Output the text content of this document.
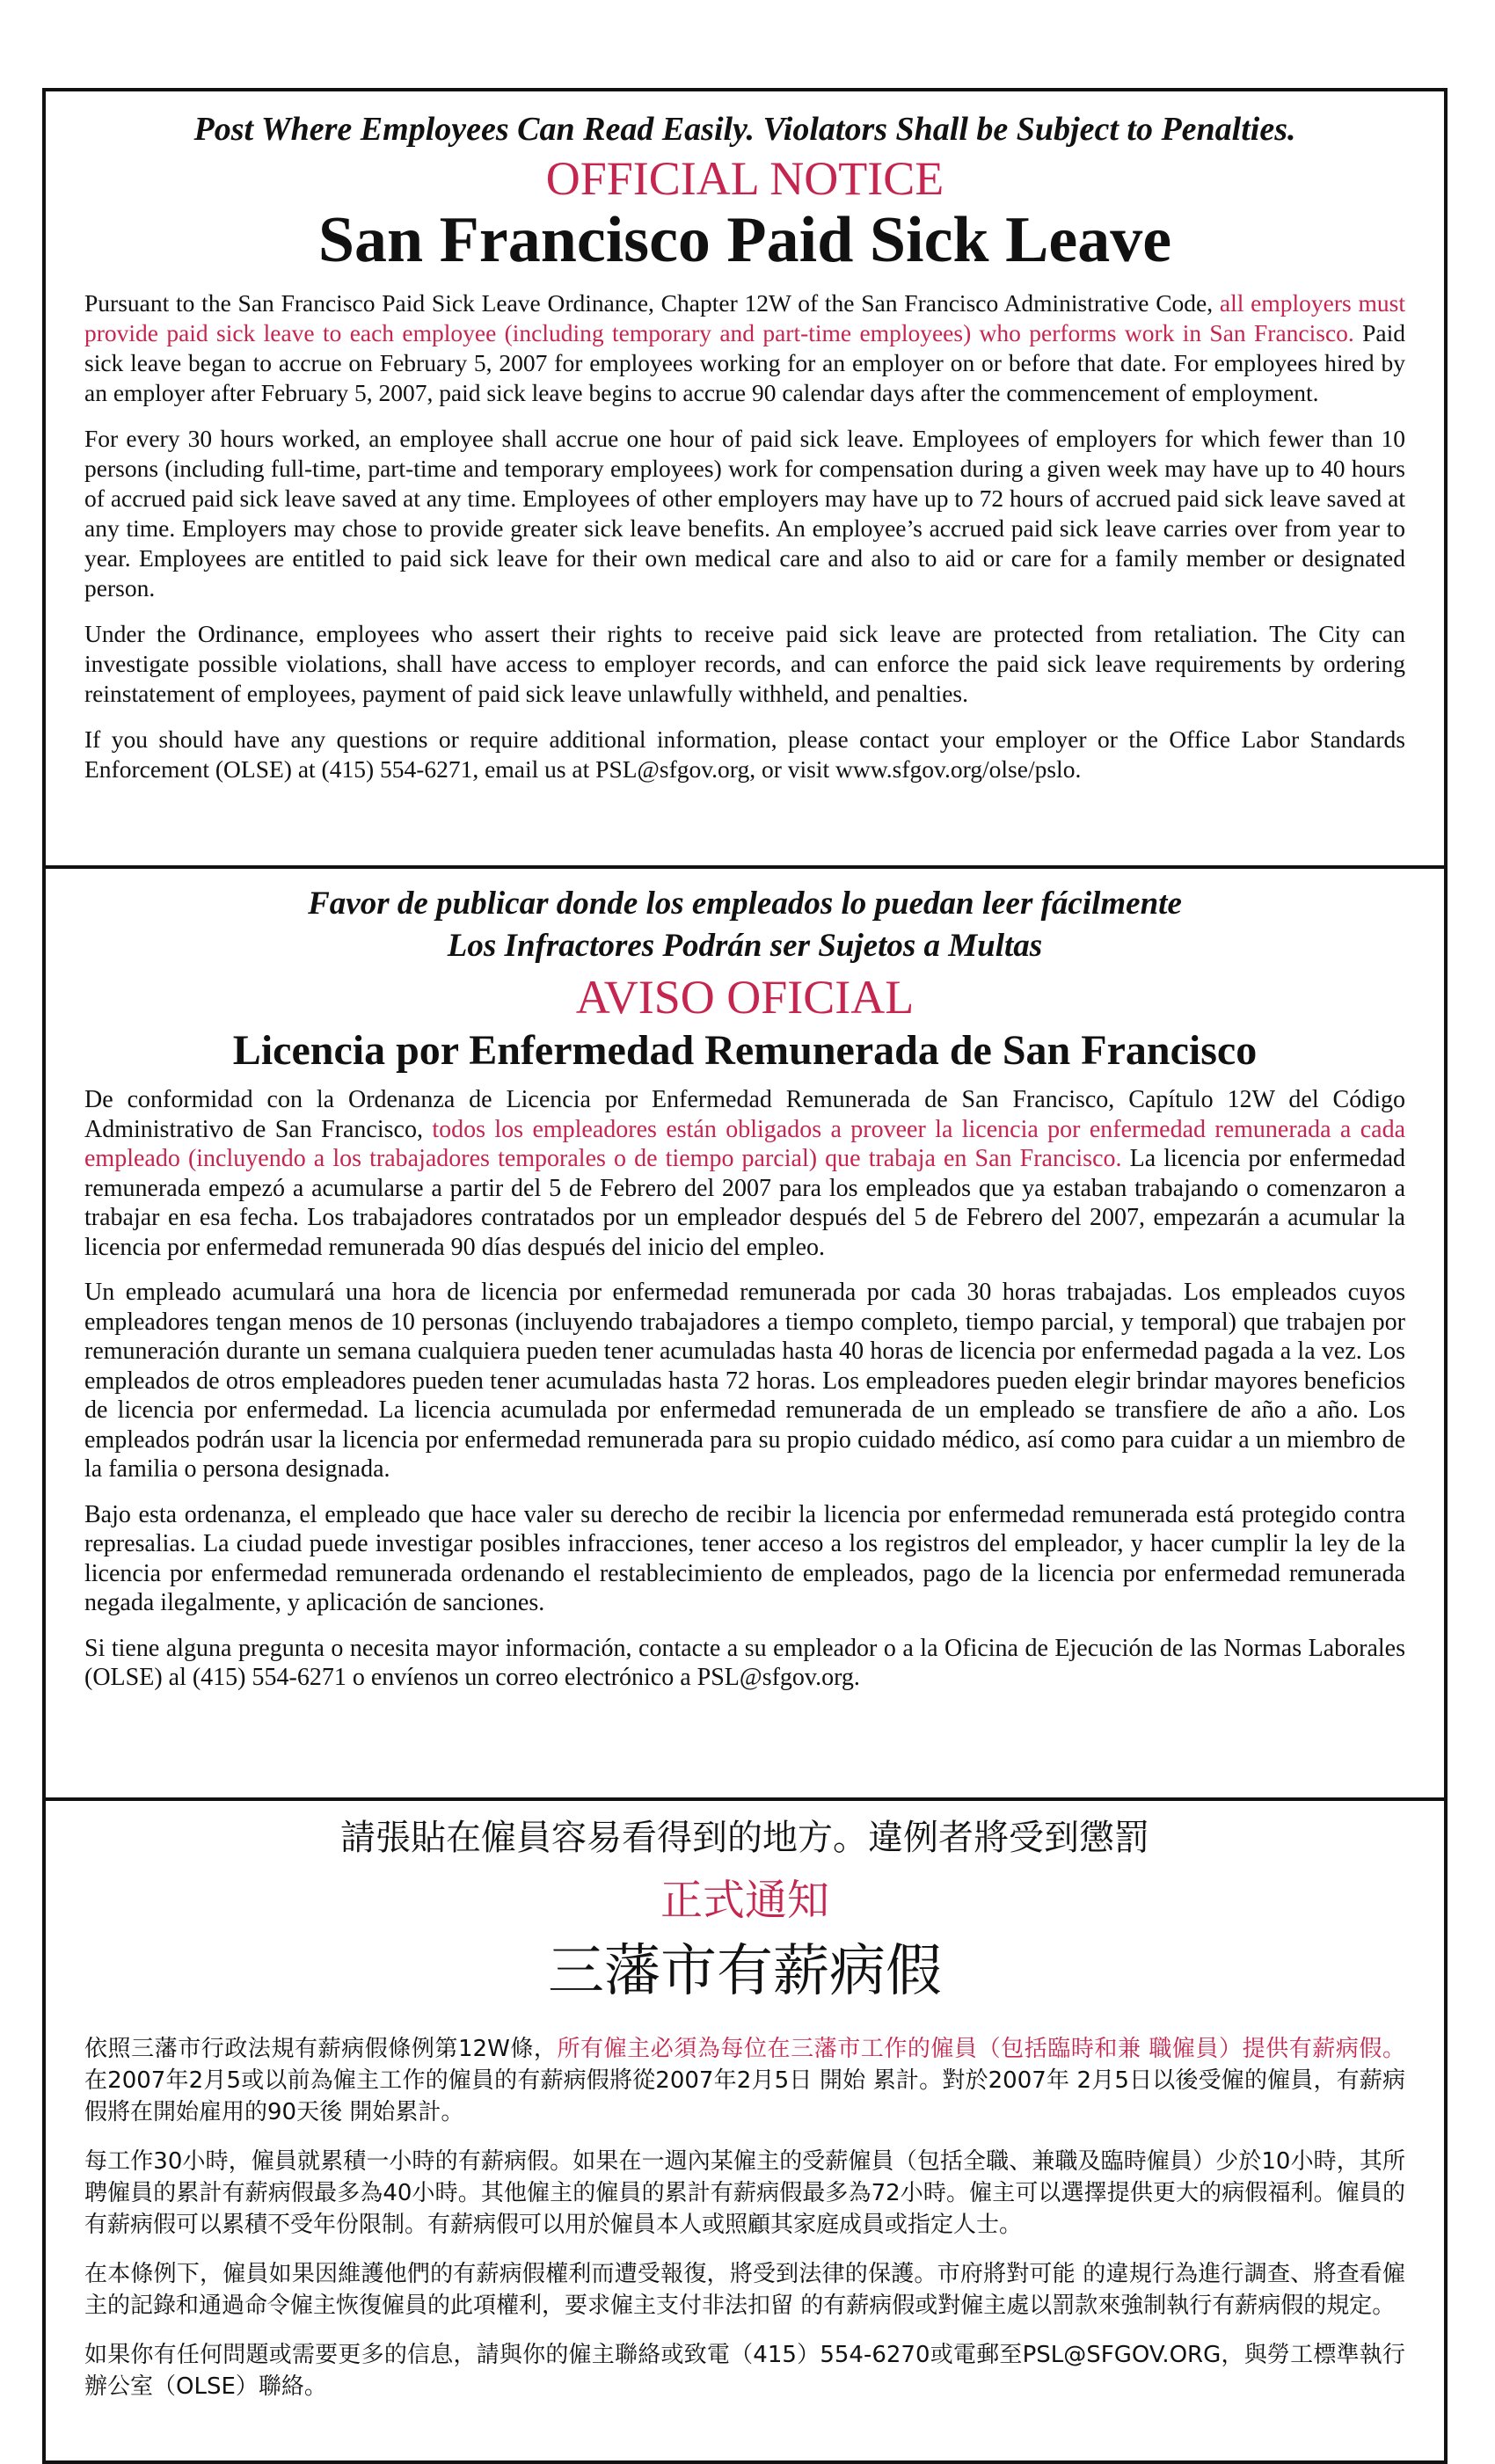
Post Where Employees Can Read Easily. Violators Shall be Subject to Penalties.

OFFICIAL NOTICE

San Francisco Paid Sick Leave

Pursuant to the San Francisco Paid Sick Leave Ordinance, Chapter 12W of the San Francisco Administrative Code, all employers must provide paid sick leave to each employee (including temporary and part-time employees) who performs work in San Francisco. Paid sick leave began to accrue on February 5, 2007 for employees working for an employer on or before that date. For employees hired by an employer after February 5, 2007, paid sick leave begins to accrue 90 calendar days after the commencement of employment.

For every 30 hours worked, an employee shall accrue one hour of paid sick leave. Employees of employers for which fewer than 10 persons (including full-time, part-time and temporary employees) work for compensation during a given week may have up to 40 hours of accrued paid sick leave saved at any time. Employees of other employers may have up to 72 hours of accrued paid sick leave saved at any time. Employers may chose to provide greater sick leave benefits. An employee’s accrued paid sick leave carries over from year to year. Employees are entitled to paid sick leave for their own medical care and also to aid or care for a family member or designated person.

Under the Ordinance, employees who assert their rights to receive paid sick leave are protected from retaliation. The City can investigate possible violations, shall have access to employer records, and can enforce the paid sick leave requirements by ordering reinstatement of employees, payment of paid sick leave unlawfully withheld, and penalties.

If you should have any questions or require additional information, please contact your employer or the Office Labor Standards Enforcement (OLSE) at (415) 554-6271, email us at PSL@sfgov.org, or visit www.sfgov.org/olse/pslo.

Favor de publicar donde los empleados lo puedan leer fácilmente

Los Infractores Podrán ser Sujetos a Multas

AVISO OFICIAL

Licencia por Enfermedad Remunerada de San Francisco

De conformidad con la Ordenanza de Licencia por Enfermedad Remunerada de San Francisco, Capítulo 12W del Código Administrativo de San Francisco, todos los empleadores están obligados a proveer la licencia por enfermedad remunerada a cada empleado (incluyendo a los trabajadores temporales o de tiempo parcial) que trabaja en San Francisco. La licencia por enfermedad remunerada empezó a acumularse a partir del 5 de Febrero del 2007 para los empleados que ya estaban trabajando o comenzaron a trabajar en esa fecha. Los trabajadores contratados por un empleador después del 5 de Febrero del 2007, empezarán a acumular la licencia por enfermedad remunerada 90 días después del inicio del empleo.

Un empleado acumulará una hora de licencia por enfermedad remunerada por cada 30 horas trabajadas. Los empleados cuyos empleadores tengan menos de 10 personas (incluyendo trabajadores a tiempo completo, tiempo parcial, y temporal) que trabajen por remuneración durante un semana cualquiera pueden tener acumuladas hasta 40 horas de licencia por enfermedad pagada a la vez. Los empleados de otros empleadores pueden tener acumuladas hasta 72 horas. Los empleadores pueden elegir brindar mayores beneficios de licencia por enfermedad. La licencia acumulada por enfermedad remunerada de un empleado se transfiere de año a año. Los empleados podrán usar la licencia por enfermedad remunerada para su propio cuidado médico, así como para cuidar a un miembro de la familia o persona designada.

Bajo esta ordenanza, el empleado que hace valer su derecho de recibir la licencia por enfermedad remunerada está protegido contra represalias. La ciudad puede investigar posibles infracciones, tener acceso a los registros del empleador, y hacer cumplir la ley de la licencia por enfermedad remunerada ordenando el restablecimiento de empleados, pago de la licencia por enfermedad remunerada negada ilegalmente, y aplicación de sanciones.

Si tiene alguna pregunta o necesita mayor información, contacte a su empleador o a la Oficina de Ejecución de las Normas Laborales (OLSE) al (415) 554-6271 o envíenos un correo electrónico a PSL@sfgov.org.

請張貼在僱員容易看得到的地方。違例者將受到懲罰

正式通知

三藩市有薪病假

依照三藩市行政法規有薪病假條例第12W條，所有僱主必須為每位在三藩市工作的僱員（包括臨時和兼 職僱員）提供有薪病假。 在2007年2月5或以前為僱主工作的僱員的有薪病假將從2007年2月5日 開始 累計。對於2007年 2月5日以後受僱的僱員，有薪病假將在開始雇用的90天後 開始累計。

每工作30小時，僱員就累積一小時的有薪病假。如果在一週內某僱主的受薪僱員（包括全職、兼職及臨時僱員）少於10小時，其所聘僱員的累計有薪病假最多為40小時。其他僱主的僱員的累計有薪病假最多為72小時。僱主可以選擇提供更大的病假福利。僱員的有薪病假可以累積不受年份限制。有薪病假可以用於僱員本人或照顧其家庭成員或指定人士。

在本條例下，僱員如果因維護他們的有薪病假權利而遭受報復，將受到法律的保護。市府將對可能 的違規行為進行調查、將查看僱主的記錄和通過命令僱主恢復僱員的此項權利，要求僱主支付非法扣留 的有薪病假或對僱主處以罰款來強制執行有薪病假的規定。

如果你有任何問題或需要更多的信息，請與你的僱主聯絡或致電（415）554-6270或電郵至PSL@SFGOV.ORG，與勞工標準執行辦公室（OLSE）聯絡。
